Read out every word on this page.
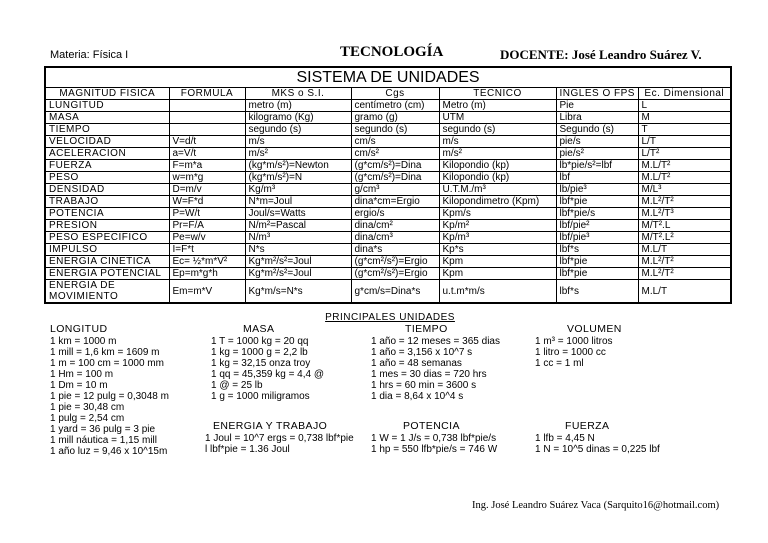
Materia: Física I	TECNOLOGÍA	DOCENTE: José Leandro Suárez V.
SISTEMA DE UNIDADES						
MAGNITUD FISICA	FORMULA	MKS o S.I.	Cgs	TECNICO	INGLES O FPS	Ec. Dimensional
LUNGITUD		metro (m)	centímetro (cm)	Metro (m)	Pie	L
MASA		kilogramo (Kg)	gramo (g)	UTM	Libra	M
TIEMPO		segundo (s)	segundo (s)	segundo (s)	Segundo (s)	T
VELOCIDAD	V=d/t	m/s	cm/s	m/s	pie/s	L/T
ACELERACION	a=V/t	m/s²	cm/s²	m/s²	pie/s²	L/T²
FUERZA	F=m*a	(kg*m/s²)=Newton	(g*cm/s²)=Dina	Kilopondio (kp)	lb*pie/s²=lbf	M.L/T²
PESO	w=m*g	(kg*m/s²)=N	(g*cm/s²)=Dina	Kilopondio (kp)	lbf	M.L/T²
DENSIDAD	D=m/v	Kg/m³	g/cm³	U.T.M./m³	lb/pie³	M/L³
TRABAJO	W=F*d	N*m=Joul	dina*cm=Ergio	Kilopondimetro (Kpm)	lbf*pie	M.L²/T²
POTENCIA	P=W/t	Joul/s=Watts	ergio/s	Kpm/s	lbf*pie/s	M.L²/T³
PRESION	Pr=F/A	N/m²=Pascal	dina/cm²	Kp/m²	lbf/pie²	M/T².L
PESO ESPECIFICO	Pe=w/v	N/m³	dina/cm³	Kp/m³	lbf/pie³	M/T².L²
IMPULSO	I=F*t	N*s	dina*s	Kp*s	lbf*s	M.L/T
ENERGIA CINETICA	Ec= ½*m*V²	Kg*m²/s²=Joul	(g*cm²/s²)=Ergio	Kpm	lbf*pie	M.L²/T²
ENERGIA POTENCIAL	Ep=m*g*h	Kg*m²/s²=Joul	(g*cm²/s²)=Ergio	Kpm	lbf*pie	M.L²/T²
ENERGIA DE MOVIMIENTO	Em=m*V	Kg*m/s=N*s	g*cm/s=Dina*s	u.t.m*m/s	lbf*s	M.L/T
PRINCIPALES UNIDADES
LONGITUD
1 km = 1000 m
1 mill = 1,6 km = 1609 m
1 m = 100 cm = 1000 mm
1 Hm = 100 m
1 Dm = 10 m
1 pie = 12 pulg = 0,3048 m
1 pie = 30,48 cm
1 pulg = 2,54 cm
1 yard = 36 pulg = 3 pie
1 mill náutica = 1,15 mill
1 año luz = 9,46 x 10^15m
MASA
1 T = 1000 kg = 20 qq
1 kg = 1000 g = 2,2 lb
1 kg = 32,15 onza troy
1 qq = 45,359 kg = 4,4 @
1 @ = 25 lb
1 g = 1000 miligramos
TIEMPO
1 año = 12 meses = 365 dias
1 año = 3,156 x 10^7 s
1 año = 48 semanas
1 mes = 30 dias = 720 hrs
1 hrs = 60 min = 3600 s
1 dia = 8,64 x 10^4 s
VOLUMEN
1 m³ = 1000 litros
1 litro = 1000 cc
1 cc = 1 ml
ENERGIA Y TRABAJO
1 Joul = 10^7 ergs = 0,738 lbf*pie
l lbf*pie = 1.36 Joul
POTENCIA
1 W = 1 J/s = 0,738 lbf*pie/s
1 hp = 550 lfb*pie/s = 746 W
FUERZA
1 lfb = 4,45 N
1 N = 10^5 dinas = 0,225 lbf
Ing. José Leandro Suárez Vaca (Sarquito16@hotmail.com)
